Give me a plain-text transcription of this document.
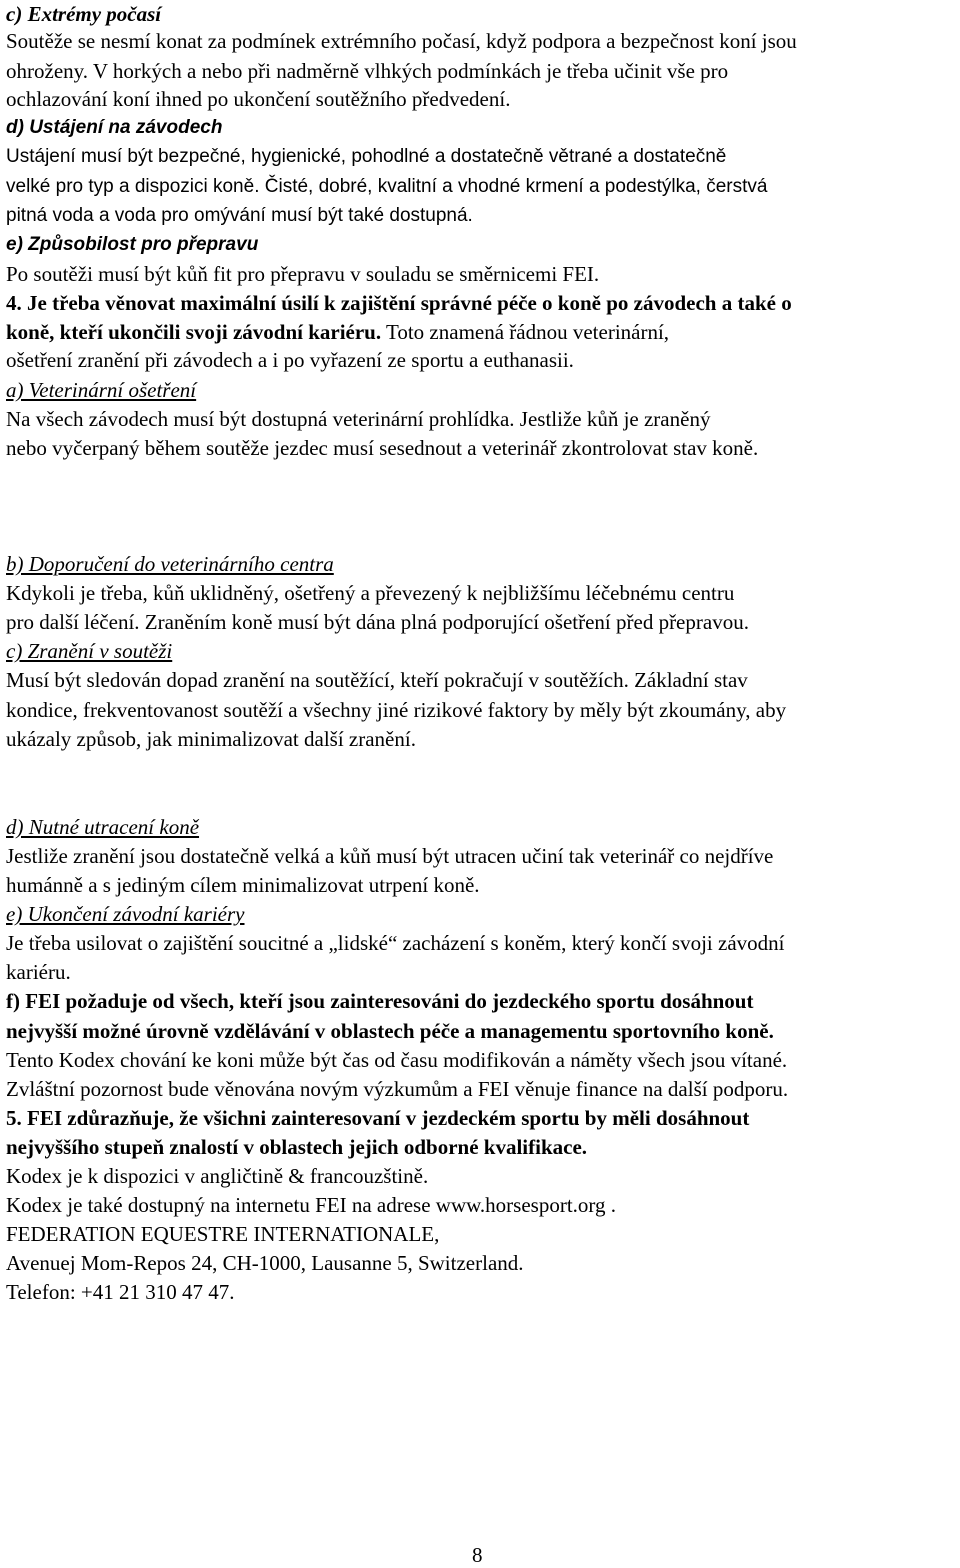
c) Extrémy počasí
Soutěže se nesmí konat za podmínek extrémního počasí, když podpora a bezpečnost koní jsou
ohroženy. V horkých a nebo při nadměrně vlhkých podmínkách je třeba učinit vše pro
ochlazování koní ihned po ukončení soutěžního předvedení.
d) Ustájení na závodech
Ustájení musí být bezpečné, hygienické, pohodlné a dostatečně větrané a dostatečně
velké pro typ a dispozici koně. Čisté, dobré, kvalitní a vhodné krmení a podestýlka, čerstvá
pitná voda a voda pro omývání musí být také dostupná.
e) Způsobilost pro přepravu
Po soutěži musí být kůň fit pro přepravu v souladu se směrnicemi FEI.
4. Je třeba věnovat maximální úsilí k zajištění správné péče o koně po závodech a také o
koně, kteří ukončili svoji závodní kariéru. Toto znamená řádnou veterinární,
ošetření zranění při závodech a i po vyřazení ze sportu a euthanasii.
a) Veterinární ošetření
Na všech závodech musí být dostupná veterinární prohlídka. Jestliže kůň je zraněný
nebo vyčerpaný během soutěže jezdec musí sesednout a veterinář zkontrolovat stav koně.
b) Doporučení do veterinárního centra
Kdykoli je třeba, kůň uklidněný, ošetřený a převezený k nejbližšímu léčebnému centru
pro další léčení. Zraněním koně musí být dána plná podporující ošetření před přepravou.
c) Zranění v soutěži
Musí být sledován dopad zranění na soutěžící, kteří pokračují v soutěžích. Základní stav
kondice, frekventovanost soutěží a všechny jiné rizikové faktory by měly být zkoumány, aby
ukázaly způsob, jak minimalizovat další zranění.
d) Nutné utracení koně
Jestliže zranění jsou dostatečně velká a kůň musí být utracen učiní tak veterinář co nejdříve
humánně a s jediným cílem minimalizovat utrpení koně.
e) Ukončení závodní kariéry
Je třeba usilovat o zajištění soucitné a „lidské“ zacházení s koněm, který končí svoji závodní
kariéru.
f) FEI požaduje od všech, kteří jsou zainteresováni do jezdeckého sportu dosáhnout
nejvyšší možné úrovně vzdělávání v oblastech péče a managementu sportovního koně.
Tento Kodex chování ke koni může být čas od času modifikován a náměty všech jsou vítané.
Zvláštní pozornost bude věnována novým výzkumům a FEI věnuje finance na další podporu.
5. FEI zdůrazňuje, že všichni zainteresovaní v jezdeckém sportu by měli dosáhnout
nejvyššího stupeň znalostí v oblastech jejich odborné kvalifikace.
Kodex je k dispozici v angličtině & francouzštině.
Kodex je také dostupný na internetu FEI na adrese www.horsesport.org .
FEDERATION EQUESTRE INTERNATIONALE,
Avenuej Mom-Repos 24, CH-1000, Lausanne 5, Switzerland.
Telefon: +41 21 310 47 47.
8
